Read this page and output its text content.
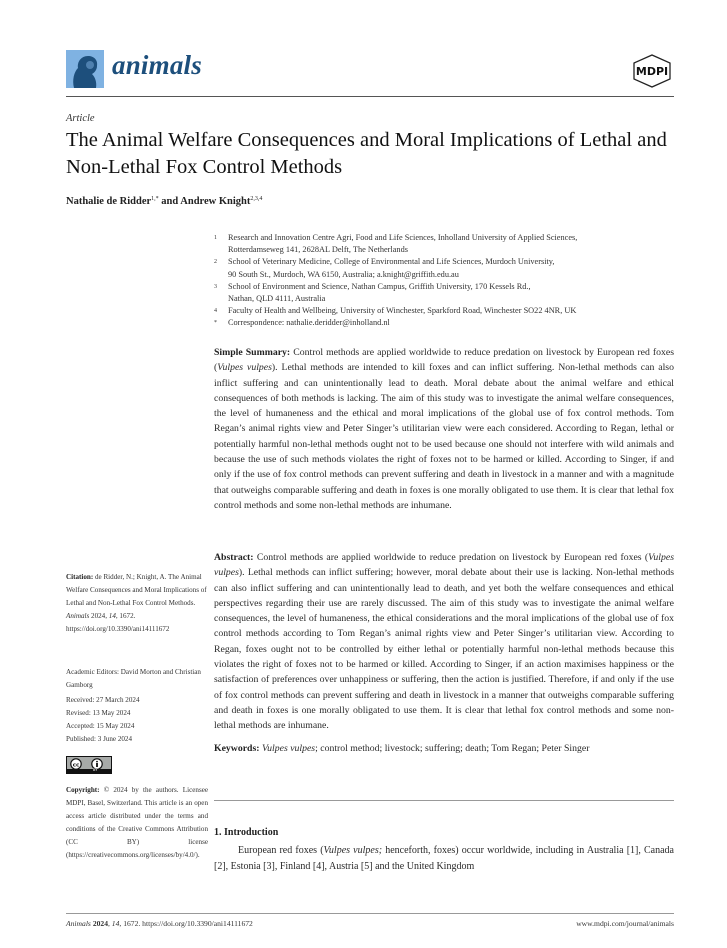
animals	MDPI
Article
The Animal Welfare Consequences and Moral Implications of Lethal and Non-Lethal Fox Control Methods
Nathalie de Ridder$^{1,*}$ and Andrew Knight$^{2,3,4}$
1 Research and Innovation Centre Agri, Food and Life Sciences, Inholland University of Applied Sciences,
Rotterdamseweg 141, 2628AL Delft, The Netherlands
2 School of Veterinary Medicine, College of Environmental and Life Sciences, Murdoch University,
90 South St., Murdoch, WA 6150, Australia; a.knight@griffith.edu.au
3 School of Environment and Science, Nathan Campus, Griffith University, 170 Kessels Rd.,
Nathan, QLD 4111, Australia
4 Faculty of Health and Wellbeing, University of Winchester, Sparkford Road, Winchester SO22 4NR, UK
* Correspondence: nathalie.deridder@inholland.nl

Simple Summary: Control methods are applied worldwide to reduce predation on livestock by European red foxes (Vulpes vulpes). Lethal methods are intended to kill foxes and can inflict suffering. Non-lethal methods can also inflict suffering and can unintentionally lead to death. Moral debate about the animal welfare and ethical consequences of both methods is lacking. The aim of this study was to investigate the animal welfare consequences, the level of humaneness and the ethical and moral implications of the global use of fox control methods. Tom Regan’s animal rights view and Peter Singer’s utilitarian view were each considered. According to Regan, lethal or potentially harmful non-lethal methods ought not to be used because one should not interfere with wild animals and because the use of such methods violates the right of foxes not to be harmed or killed. According to Singer, if and only if the use of fox control methods can prevent suffering and death in livestock in a manner and with a magnitude that outweighs comparable suffering and death in foxes is one morally obligated to use them. It is clear that lethal fox control methods and some non-lethal methods are inhumane.

Abstract: Control methods are applied worldwide to reduce predation on livestock by European red foxes (Vulpes vulpes). Lethal methods can inflict suffering; however, moral debate about their use is lacking. Non-lethal methods can also inflict suffering and can unintentionally lead to death, and yet both the welfare consequences and ethical perspectives regarding their use are rarely discussed. The aim of this study was to investigate the animal welfare consequences, the level of humaneness, the ethical considerations and the moral implications of the global use of fox control methods according to Tom Regan’s animal rights view and Peter Singer’s utilitarian view. According to Regan, foxes ought not to be controlled by either lethal or potentially harmful non-lethal methods because this violates the right of foxes not to be harmed or killed. According to Singer, if an action maximises happiness or the satisfaction of preferences over unhappiness or suffering, then the action is justified. Therefore, if and only if the use of fox control methods can prevent suffering and death in livestock in a manner that outweighs comparable suffering and death in foxes is one morally obligated to use them. It is clear that lethal fox control methods and some non-lethal methods are inhumane.

Keywords: Vulpes vulpes; control method; livestock; suffering; death; Tom Regan; Peter Singer

Citation: de Ridder, N.; Knight, A. The Animal Welfare Consequences and Moral Implications of Lethal and Non-Lethal Fox Control Methods. Animals 2024, 14, 1672. https://doi.org/10.3390/ani14111672
Academic Editors: David Morton and Christian Gamborg
Received: 27 March 2024
Revised: 13 May 2024
Accepted: 15 May 2024
Published: 3 June 2024
cc
BY
Copyright: © 2024 by the authors. Licensee MDPI, Basel, Switzerland. This article is an open access article distributed under the terms and conditions of the Creative Commons Attribution (CC BY) license (https://creativecommons.org/licenses/by/4.0/).
1. Introduction

European red foxes (Vulpes vulpes; henceforth, foxes) occur worldwide, including in Australia [1], Canada [2], Estonia [3], Finland [4], Austria [5] and the United Kingdom

Animals 2024, 14, 1672. https://doi.org/10.3390/ani14111672	www.mdpi.com/journal/animals
